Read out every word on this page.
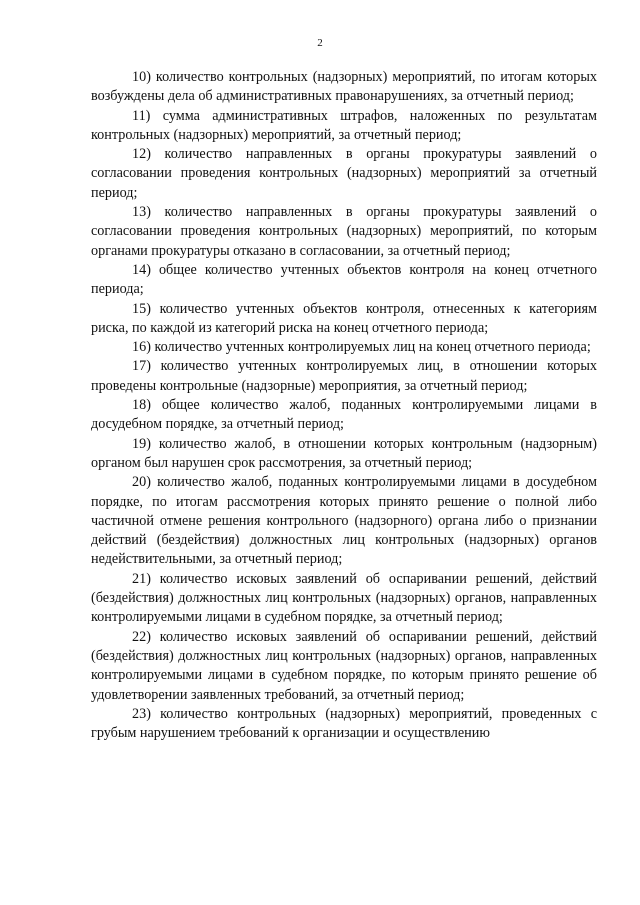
2

10) количество контрольных (надзорных) мероприятий, по итогам которых возбуждены дела об административных правонарушениях, за отчетный период;

11) сумма административных штрафов, наложенных по результатам контрольных (надзорных) мероприятий, за отчетный период;

12) количество направленных в органы прокуратуры заявлений о согласовании проведения контрольных (надзорных) мероприятий за отчетный период;

13) количество направленных в органы прокуратуры заявлений о согласовании проведения контрольных (надзорных) мероприятий, по которым органами прокуратуры отказано в согласовании, за отчетный период;

14) общее количество учтенных объектов контроля на конец отчетного периода;

15) количество учтенных объектов контроля, отнесенных к категориям риска, по каждой из категорий риска на конец отчетного периода;

16) количество учтенных контролируемых лиц на конец отчетного периода;

17) количество учтенных контролируемых лиц, в отношении которых проведены контрольные (надзорные) мероприятия, за отчетный период;

18) общее количество жалоб, поданных контролируемыми лицами в досудебном порядке, за отчетный период;

19) количество жалоб, в отношении которых контрольным (надзорным) органом был нарушен срок рассмотрения, за отчетный период;

20) количество жалоб, поданных контролируемыми лицами в досудебном порядке, по итогам рассмотрения которых принято решение о полной либо частичной отмене решения контрольного (надзорного) органа либо о признании действий (бездействия) должностных лиц контрольных (надзорных) органов недействительными, за отчетный период;

21) количество исковых заявлений об оспаривании решений, действий (бездействия) должностных лиц контрольных (надзорных) органов, направленных контролируемыми лицами в судебном порядке, за отчетный период;

22) количество исковых заявлений об оспаривании решений, действий (бездействия) должностных лиц контрольных (надзорных) органов, направленных контролируемыми лицами в судебном порядке, по которым принято решение об удовлетворении заявленных требований, за отчетный период;

23) количество контрольных (надзорных) мероприятий, проведенных с грубым нарушением требований к организации и осуществлению
